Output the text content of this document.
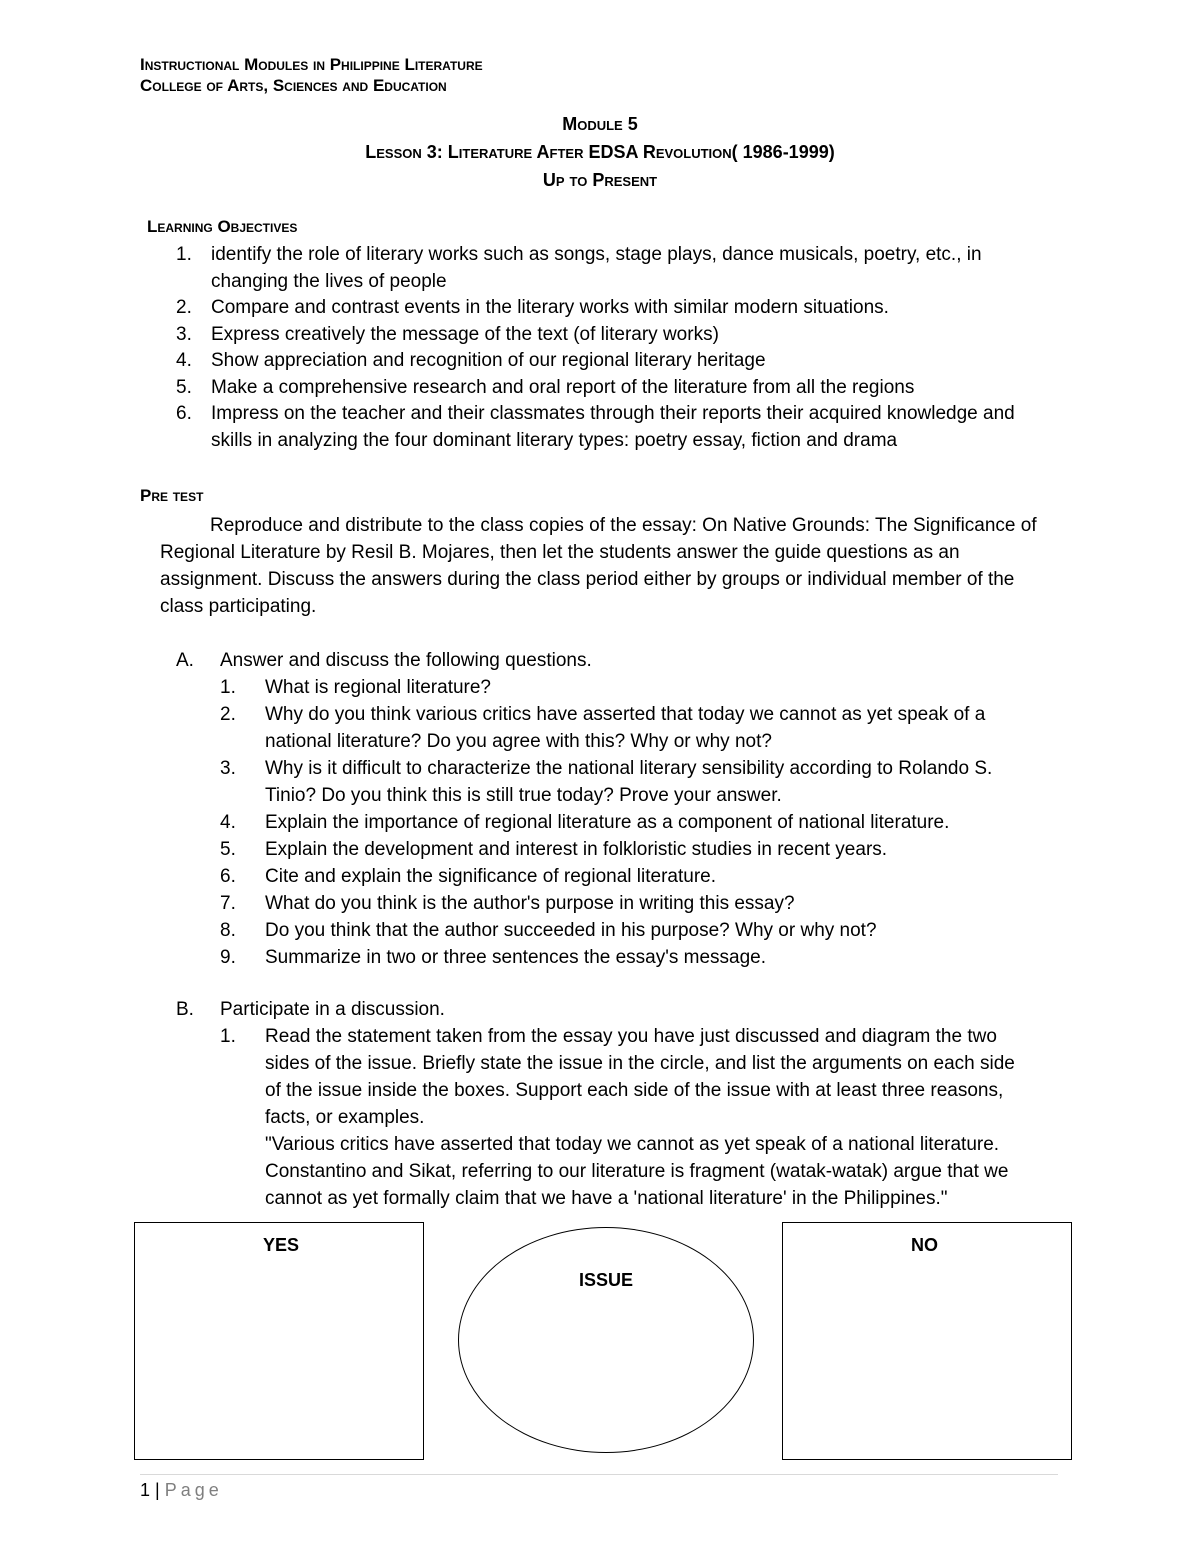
Instructional Modules in Philippine Literature
College of Arts, Sciences and Education
Module 5
Lesson 3: Literature After EDSA Revolution( 1986-1999)
Up to Present
Learning Objectives
1.	identify the role of literary works such as songs, stage plays, dance musicals, poetry, etc., in changing the lives of people
2.	Compare and contrast events in the literary works with similar modern situations.
3.	Express creatively the message of the text (of literary works)
4.	Show appreciation and recognition of our regional literary heritage
5.	Make a comprehensive research and oral report of the literature from all the regions
6.	Impress on the teacher and their classmates through their reports their acquired knowledge and skills in analyzing the four dominant literary types: poetry essay, fiction and drama
Pre test

Reproduce and distribute to the class copies of the essay: On Native Grounds: The Significance of Regional Literature by Resil B. Mojares, then let the students answer the guide questions as an assignment. Discuss the answers during the class period either by groups or individual member of the class participating.

A. Answer and discuss the following questions.
1. What is regional literature?
2. Why do you think various critics have asserted that today we cannot as yet speak of a national literature? Do you agree with this? Why or why not?
3. Why is it difficult to characterize the national literary sensibility according to Rolando S. Tinio? Do you think this is still true today? Prove your answer.
4. Explain the importance of regional literature as a component of national literature.
5. Explain the development and interest in folkloristic studies in recent years.
6. Cite and explain the significance of regional literature.
7. What do you think is the author's purpose in writing this essay?
8. Do you think that the author succeeded in his purpose? Why or why not?
9. Summarize in two or three sentences the essay's message.
B. Participate in a discussion.
1. Read the statement taken from the essay you have just discussed and diagram the two sides of the issue. Briefly state the issue in the circle, and list the arguments on each side of the issue inside the boxes. Support each side of the issue with at least three reasons, facts, or examples.
"Various critics have asserted that today we cannot as yet speak of a national literature. Constantino and Sikat, referring to our literature is fragment (watak-watak) argue that we cannot as yet formally claim that we have a 'national literature' in the Philippines."
YES
ISSUE
NO
1 | Page
